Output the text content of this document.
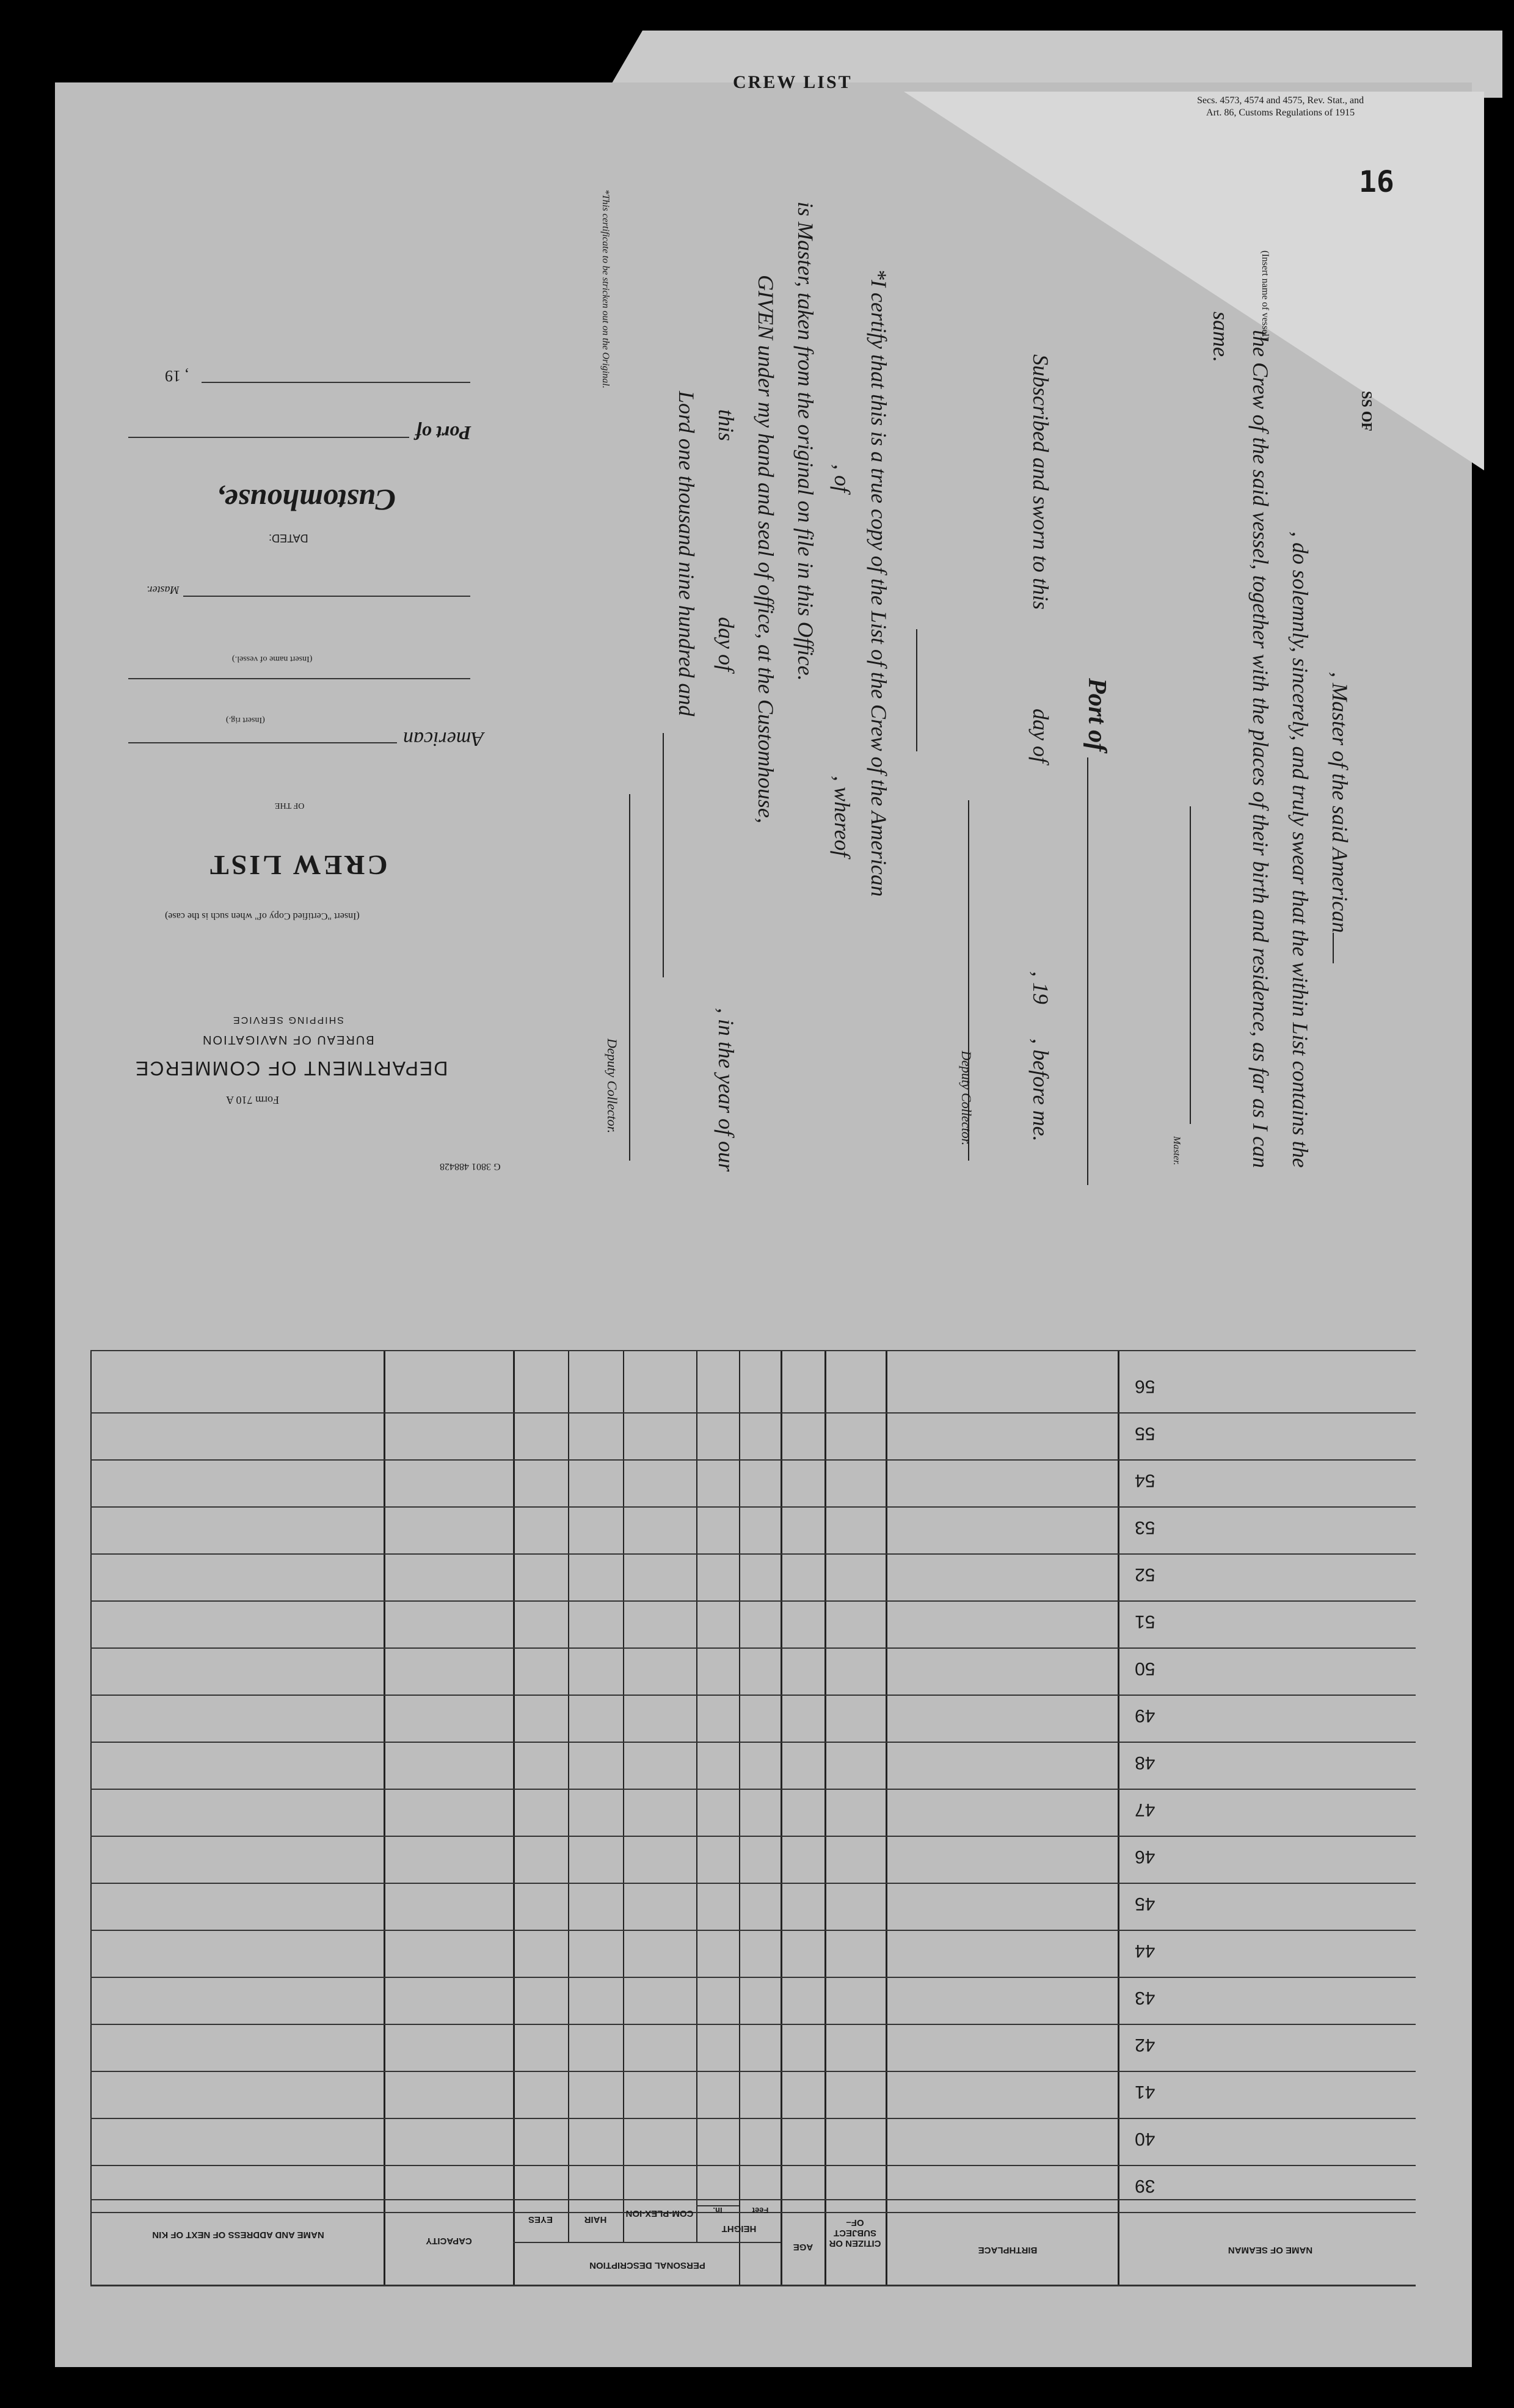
CREW LIST
Secs. 4573, 4574 and 4575, Rev. Stat., and
Art. 86, Customs Regulations of 1915
16
(Insert name of vessel)
SS OF
, Master of the said American
, do solemnly, sincerely, and truly swear that the within List contains the
the Crew of the said vessel, together with the places of their birth and residence, as far as I can
same.
Master.
Port of
Subscribed and sworn to this
day of
, 19
, before me.
Deputy Collector.
*I certify that this is a true copy of the List of the Crew of the American
, of
, whereof
is Master, taken from the original on file in this Office.
GIVEN under my hand and seal of office, at the Customhouse,
this
day of
, in the year of our
Lord one thousand nine hundred and
Deputy Collector.
*This certificate to be stricken out on the Original.
G 3801 488428
Form 710 A
DEPARTMENT OF COMMERCE
BUREAU OF NAVIGATION
SHIPPING SERVICE
(Insert "Certified Copy of" when such is the case)
CREW LIST
OF THE
American
(Insert rig.)
(Insert name of vessel.)
Master.
DATED:
Customhouse,
Port of
, 19
56
55
54
53
52
51
50
49
48
47
46
45
44
43
42
41
40
39
NAME OF SEAMAN
BIRTHPLACE
CITIZEN OR SUBJECT OF–
AGE
HEIGHT
Feet
In.
COM-PLEX-ION
HAIR
EYES
PERSONAL DESCRIPTION
CAPACITY
NAME AND ADDRESS OF NEXT OF KIN
